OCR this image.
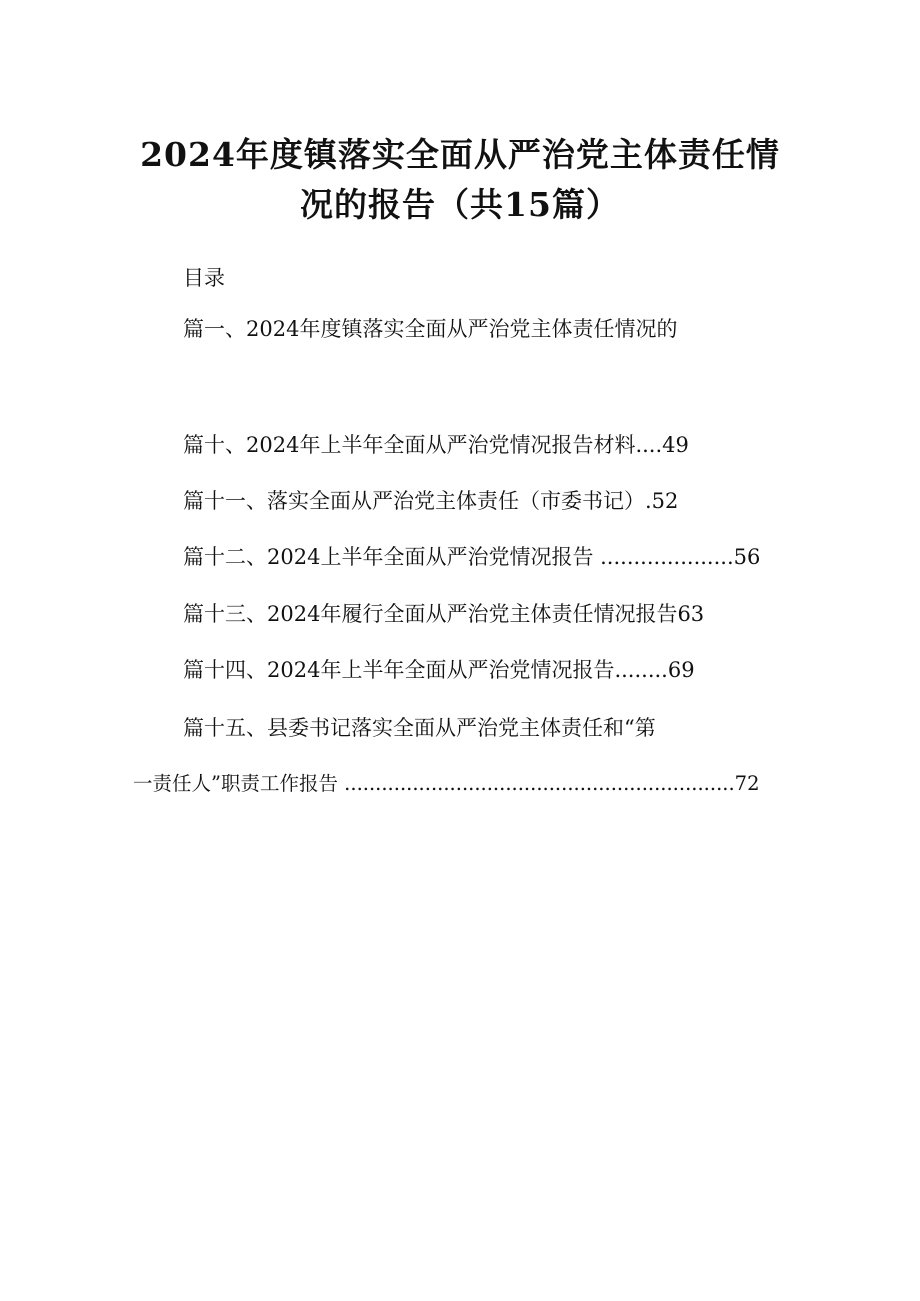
2024年度镇落实全面从严治党主体责任情
况的报告（共15篇）
目录
篇一、2024年度镇落实全面从严治党主体责任情况的
篇十、2024年上半年全面从严治党情况报告材料....49
篇十一、落实全面从严治党主体责任（市委书记）.52
篇十二、2024上半年全面从严治党情况报告 ....................56
篇十三、2024年履行全面从严治党主体责任情况报告63
篇十四、2024年上半年全面从严治党情况报告........69
篇十五、县委书记落实全面从严治党主体责任和“第
一责任人”职责工作报告 ...............................................................72
